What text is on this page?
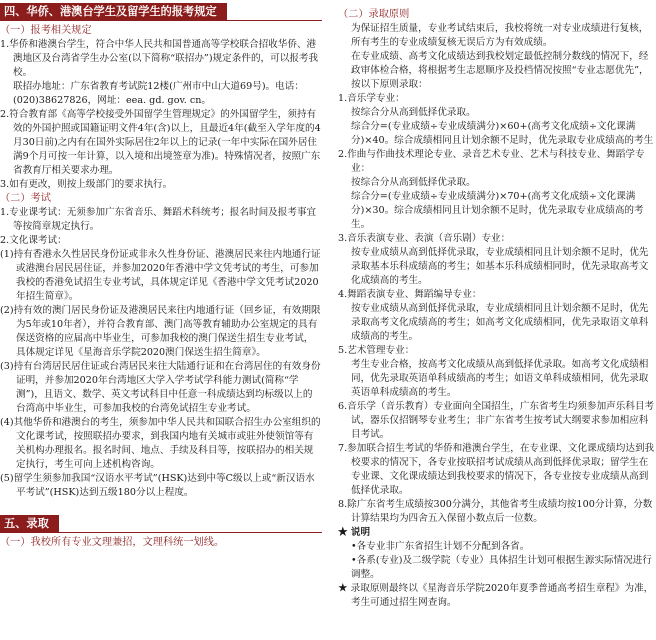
四、华侨、港澳台学生及留学生的报考规定
（一）报考相关规定

1.华侨和港澳台学生，符合中华人民共和国普通高等学校联合招收华侨、港澳地区及台湾省学生办公室(以下简称“联招办”)规定条件的，可以报考我校。

联招办地址：广东省教育考试院12楼(广州市中山大道69号)。电话：(020)38627826，网址：eea. gd. gov. cn。

2.符合教育部《高等学校接受外国留学生管理规定》的外国留学生，须持有效的外国护照或国籍证明文件4年(含)以上，且最近4年(截至入学年度的4月30日前)之内有在国外实际居住2年以上的记录(一年中实际在国外居住满9个月可按一年计算，以入境和出境签章为准)。特殊情况者，按照广东省教育厅相关要求办理。

3.如有更改，则按上级部门的要求执行。

（二）考试

1.专业课考试：无须参加广东省音乐、舞蹈术科统考；报名时间及报考事宜等按简章规定执行。

2.文化课考试：

(1)持有香港永久性居民身份证或非永久性身份证、港澳居民来往内地通行证或港澳台居民居住证，并参加2020年香港中学文凭考试的考生，可参加我校的香港免试招生专业考试，具体规定详见《香港中学文凭考试2020年招生简章》。

(2)持有效的澳门居民身份证及港澳居民来往内地通行证（回乡证，有效期限为5年或10年者），并符合教育部、澳门高等教育辅助办公室规定的具有保送资格的应届高中毕业生，可参加我校的澳门保送生招生专业考试，具体规定详见《星海音乐学院2020澳门保送生招生简章》。

(3)持有台湾居民居住证或台湾居民来往大陆通行证和在台湾居住的有效身份证明，并参加2020年台湾地区大学入学考试学科能力测试(简称“学测”)，且语文、数学、英文考试科目中任意一科成绩达到均标级以上的台湾高中毕业生，可参加我校的台湾免试招生专业考试。

(4)其他华侨和港澳台的考生，须参加中华人民共和国联合招生办公室组织的文化课考试，按照联招办要求，到我国内地有关城市或驻外使领馆等有关机构办理报名。报名时间、地点、手续及科目等，按联招办的相关规定执行，考生可向上述机构咨询。

(5)留学生须参加我国“汉语水平考试”(HSK)达到中等C级以上或“新汉语水平考试”(HSK)达到五级180分以上程度。

五、录取
（一）我校所有专业文理兼招，文理科统一划线。
（二）录取原则

为保证招生质量，专业考试结束后，我校将统一对专业成绩进行复核，所有考生的专业成绩复核无误后方为有效成绩。

在专业成绩、高考文化成绩达到我校划定最低控制分数线的情况下，经政审体检合格，将根据考生志愿顺序及投档情况按照“专业志愿优先”，按以下原则录取：

1.音乐学专业：

按综合分从高到低择优录取。

综合分=(专业成绩÷专业成绩满分)×60+(高考文化成绩÷文化课满分)×40。综合成绩相同且计划余额不足时，优先录取专业成绩高的考生

2.作曲与作曲技术理论专业、录音艺术专业、艺术与科技专业、舞蹈学专业：

按综合分从高到低择优录取。

综合分=(专业成绩÷专业成绩满分)×70+(高考文化成绩÷文化课满分)×30。综合成绩相同且计划余额不足时，优先录取专业成绩高的考生。

3.音乐表演专业、表演（音乐剧）专业：

按专业成绩从高到低择优录取，专业成绩相同且计划余额不足时，优先录取基本乐科成绩高的考生；如基本乐科成绩相同时，优先录取高考文化成绩高的考生。

4.舞蹈表演专业、舞蹈编导专业：

按专业成绩从高到低择优录取，专业成绩相同且计划余额不足时，优先录取高考文化成绩高的考生；如高考文化成绩相同，优先录取语文单科成绩高的考生。

5.艺术管理专业：

考生专业合格，按高考文化成绩从高到低择优录取。如高考文化成绩相同，优先录取英语单科成绩高的考生；如语文单科成绩相同，优先录取英语单科成绩高的考生。

6.音乐学（音乐教育）专业面向全国招生，广东省考生均须参加声乐科目考试，器乐仅招钢琴专业考生；非广东省考生按考试大纲要求参加相应科目考试。

7.参加联合招生考试的华侨和港澳台学生，在专业课、文化课成绩均达到我校要求的情况下，各专业按联招考试成绩从高到低择优录取；留学生在专业课、文化课成绩达到我校要求的情况下，各专业按专业成绩从高到低择优录取。

8.除广东省考生成绩按300分满分，其他省考生成绩均按100分计算，分数计算结果均为四舍五入保留小数点后一位数。

★ 说明

•各专业非广东省招生计划不分配到各省。

•各系(专业)及二级学院（专业）具体招生计划可根据生源实际情况进行调整。

★ 录取原则最终以《星海音乐学院2020年夏季普通高考招生章程》为准，考生可通过招生网查询。
